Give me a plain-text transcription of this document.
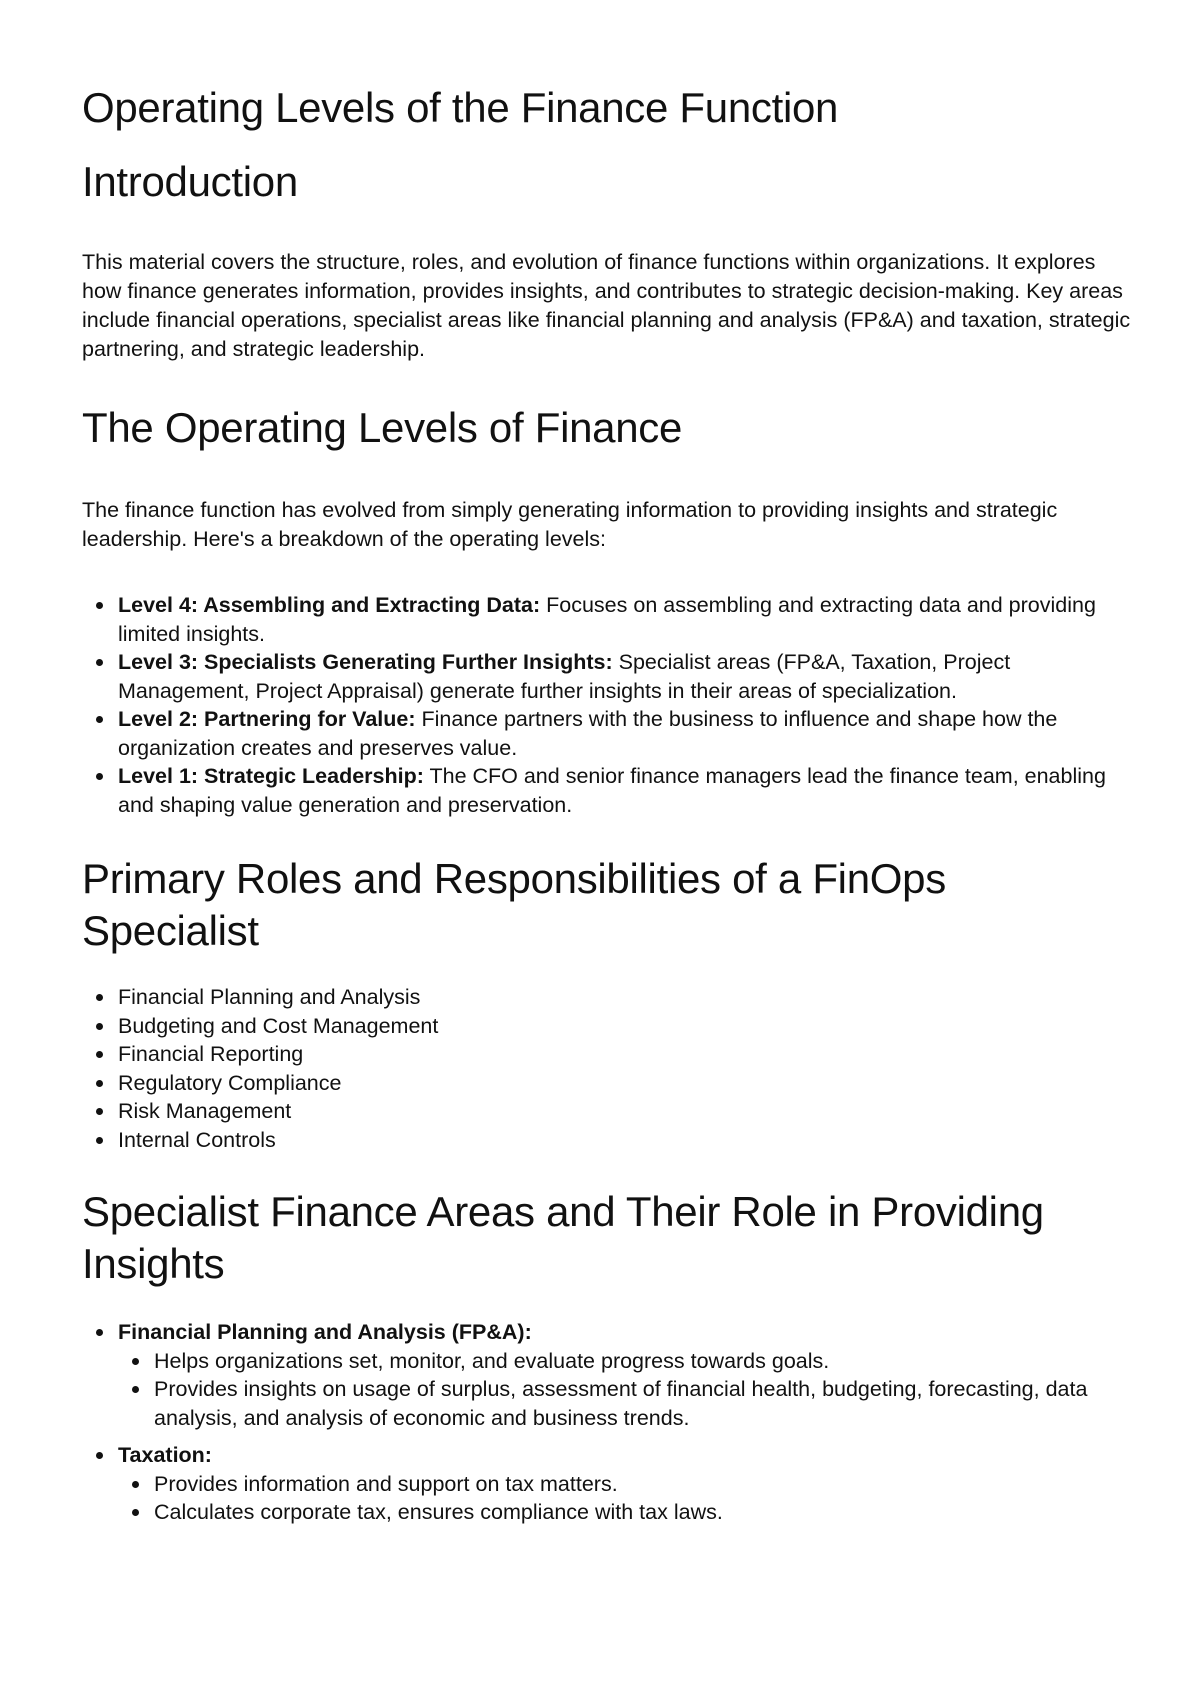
Operating Levels of the Finance Function
Introduction

This material covers the structure, roles, and evolution of finance functions within organizations. It explores how finance generates information, provides insights, and contributes to strategic decision-making. Key areas include financial operations, specialist areas like financial planning and analysis (FP&A) and taxation, strategic partnering, and strategic leadership.

The Operating Levels of Finance

The finance function has evolved from simply generating information to providing insights and strategic leadership. Here's a breakdown of the operating levels:

Level 4: Assembling and Extracting Data: Focuses on assembling and extracting data and providing limited insights.
Level 3: Specialists Generating Further Insights: Specialist areas (FP&A, Taxation, Project Management, Project Appraisal) generate further insights in their areas of specialization.
Level 2: Partnering for Value: Finance partners with the business to influence and shape how the organization creates and preserves value.
Level 1: Strategic Leadership: The CFO and senior finance managers lead the finance team, enabling and shaping value generation and preservation.
Primary Roles and Responsibilities of a FinOps Specialist
Financial Planning and Analysis
Budgeting and Cost Management
Financial Reporting
Regulatory Compliance
Risk Management
Internal Controls
Specialist Finance Areas and Their Role in Providing Insights
Financial Planning and Analysis (FP&A):
Helps organizations set, monitor, and evaluate progress towards goals.
Provides insights on usage of surplus, assessment of financial health, budgeting, forecasting, data analysis, and analysis of economic and business trends.
Taxation:
Provides information and support on tax matters.
Calculates corporate tax, ensures compliance with tax laws.
